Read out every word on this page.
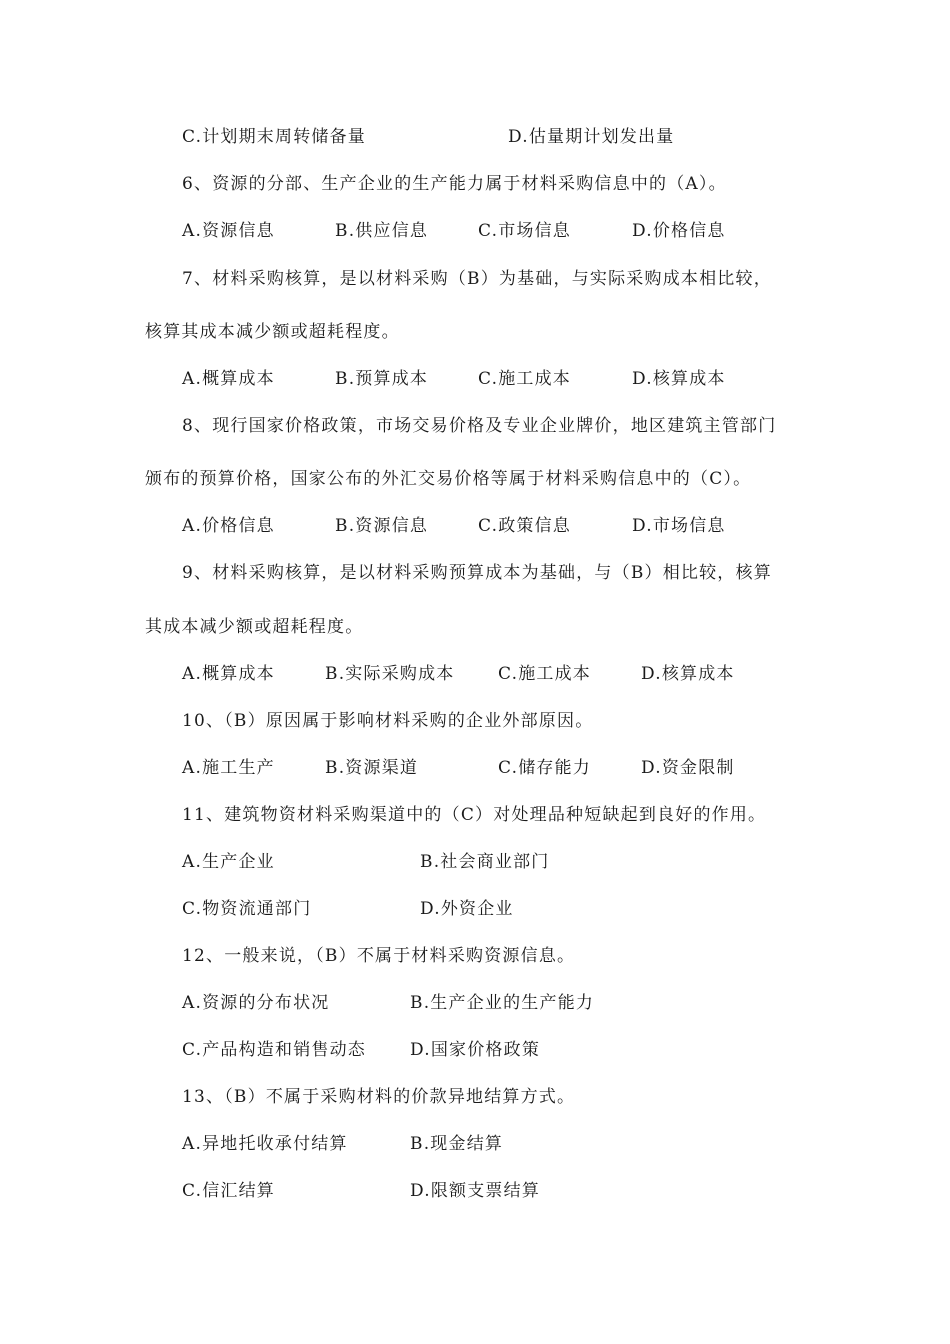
C.计划期末周转储备量	D.估量期计划发出量
6、资源的分部、生产企业的生产能力属于材料采购信息中的（A）。
A.资源信息	B.供应信息	C.市场信息	D.价格信息
7、材料采购核算，是以材料采购（B）为基础，与实际采购成本相比较，
核算其成本减少额或超耗程度。
A.概算成本	B.预算成本	C.施工成本	D.核算成本
8、现行国家价格政策，市场交易价格及专业企业牌价，地区建筑主管部门
颁布的预算价格，国家公布的外汇交易价格等属于材料采购信息中的（C）。
A.价格信息	B.资源信息	C.政策信息	D.市场信息
9、材料采购核算，是以材料采购预算成本为基础，与（B）相比较，核算
其成本减少额或超耗程度。
A.概算成本	B.实际采购成本	C.施工成本	D.核算成本
10、（B）原因属于影响材料采购的企业外部原因。
A.施工生产	B.资源渠道	C.储存能力	D.资金限制
11、建筑物资材料采购渠道中的（C）对处理品种短缺起到良好的作用。
A.生产企业	B.社会商业部门
C.物资流通部门	D.外资企业
12、一般来说，（B）不属于材料采购资源信息。
A.资源的分布状况	B.生产企业的生产能力
C.产品构造和销售动态	D.国家价格政策
13、（B）不属于采购材料的价款异地结算方式。
A.异地托收承付结算	B.现金结算
C.信汇结算	D.限额支票结算
